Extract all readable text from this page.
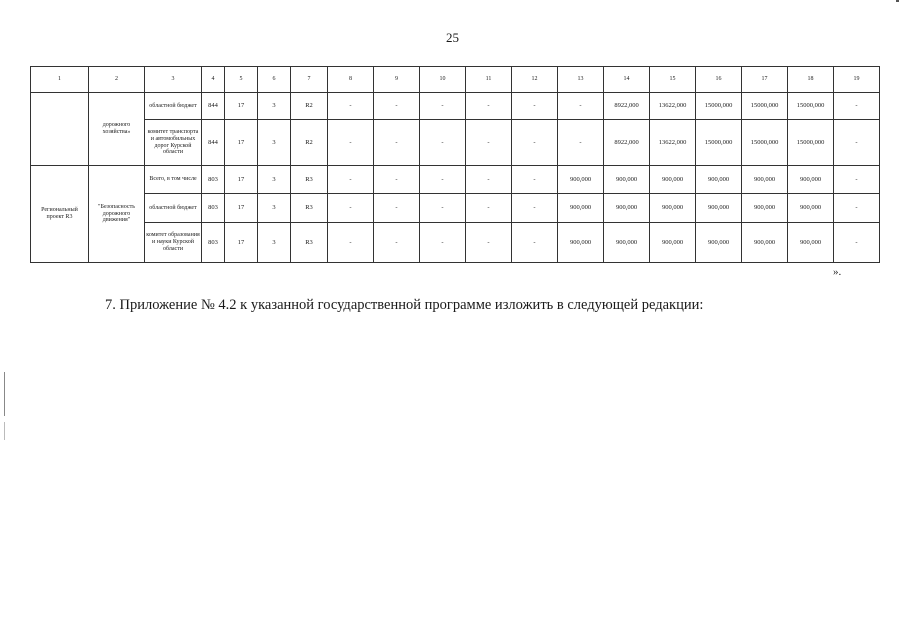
25
1	2	3	4	5	6	7	8	9	10	11	12	13	14	15	16	17	18	19
	дорожного хозяйства»	областной бюджет	844	17	3	R2	-	-	-	-	-	-	8922,000	13622,000	15000,000	15000,000	15000,000	-
		комитет транспорта и автомобильных дорог Курской области	844	17	3	R2	-	-	-	-	-	-	8922,000	13622,000	15000,000	15000,000	15000,000	-
Региональный проект R3	"Безопасность дорожного движения"	Всего, в том числе	803	17	3	R3	-	-	-	-	-	900,000	900,000	900,000	900,000	900,000	900,000	-
		областной бюджет	803	17	3	R3	-	-	-	-	-	900,000	900,000	900,000	900,000	900,000	900,000	-
		комитет образования и науки Курской области	803	17	3	R3	-	-	-	-	-	900,000	900,000	900,000	900,000	900,000	900,000	-
».
7. Приложение № 4.2 к указанной государственной программе изложить в следующей редакции:
